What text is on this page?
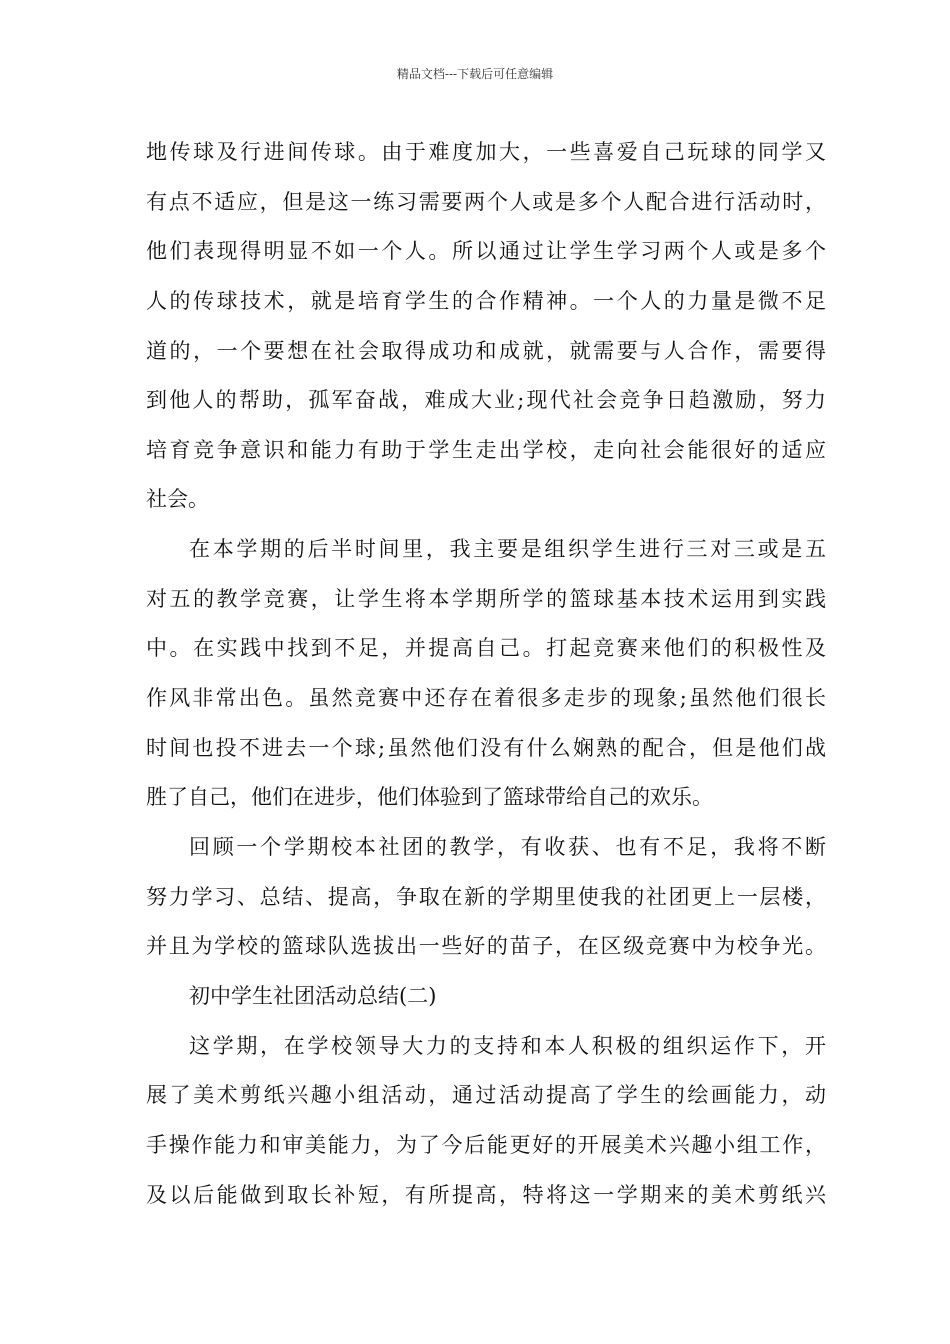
精品文档---下载后可任意编辑
地传球及行进间传球。由于难度加大，一些喜爱自己玩球的同学又
有点不适应，但是这一练习需要两个人或是多个人配合进行活动时，
他们表现得明显不如一个人。所以通过让学生学习两个人或是多个
人的传球技术，就是培育学生的合作精神。一个人的力量是微不足
道的，一个要想在社会取得成功和成就，就需要与人合作，需要得
到他人的帮助，孤军奋战，难成大业;现代社会竞争日趋激励，努力
培育竞争意识和能力有助于学生走出学校，走向社会能很好的适应
社会。
在本学期的后半时间里，我主要是组织学生进行三对三或是五
对五的教学竞赛，让学生将本学期所学的篮球基本技术运用到实践
中。在实践中找到不足，并提高自己。打起竞赛来他们的积极性及
作风非常出色。虽然竞赛中还存在着很多走步的现象;虽然他们很长
时间也投不进去一个球;虽然他们没有什么娴熟的配合，但是他们战
胜了自己，他们在进步，他们体验到了篮球带给自己的欢乐。
回顾一个学期校本社团的教学，有收获、也有不足，我将不断
努力学习、总结、提高，争取在新的学期里使我的社团更上一层楼，
并且为学校的篮球队选拔出一些好的苗子，在区级竞赛中为校争光。
初中学生社团活动总结(二)
这学期，在学校领导大力的支持和本人积极的组织运作下，开
展了美术剪纸兴趣小组活动，通过活动提高了学生的绘画能力，动
手操作能力和审美能力，为了今后能更好的开展美术兴趣小组工作，
及以后能做到取长补短，有所提高，特将这一学期来的美术剪纸兴
